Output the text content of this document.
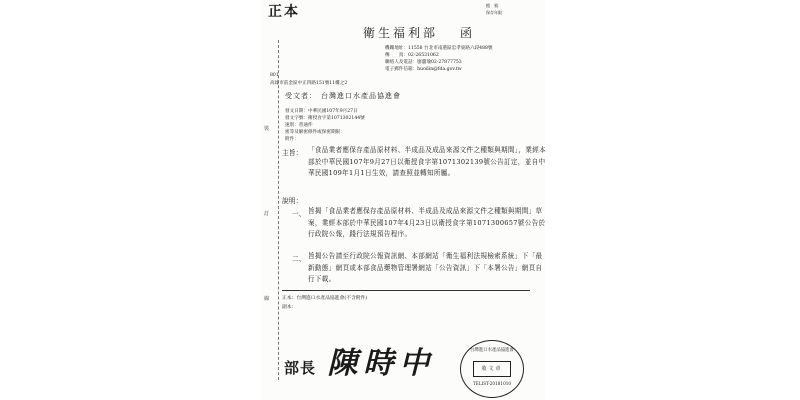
正本	檔　號：
保存年限：
衛生福利部 函
機關地址：11558 台北市南港區忠孝東路六段488號
傳　　真：02-26531062
聯絡人及電話：廖蕙瑜02-27877753
電子郵件信箱：huoilin@fda.gov.tw
801
高雄市前金區中正四路151號11樓之2
受文者： 台灣進口水產品協進會
發文日期：中華民國107年9月27日
發文字號：衛授食字第1071302144號
速別：普通件
密等及解密條件或保密期限：
附件：
主旨： 「食品業者應保存產品原材料、半成品及成品來源文件之種類與期間」，業經本部於中華民國107年9月27日以衛授食字第1071302139號公告訂定，並自中華民國109年1月1日生效，請查照並轉知所屬。
說明：
一、 旨揭「食品業者應保存產品原材料、半成品及成品來源文件之種類與期間」草案，業經本部於中華民國107年4月23日以衛授食字第1071300657號公告於行政院公報，踐行法規預告程序。
二、 旨揭公告請至行政院公報資訊網、本部網站「衛生福利法規檢索系統」下「最新動態」網頁或本部食品藥物管理署網站「公告資訊」下「本署公告」網頁自行下載。
正本：台灣進口水產品協進會(不含附件)
副本：
裝
訂
線
部長 陳時中	台灣進口水產品協進會
收文章
TELIST-20181010
